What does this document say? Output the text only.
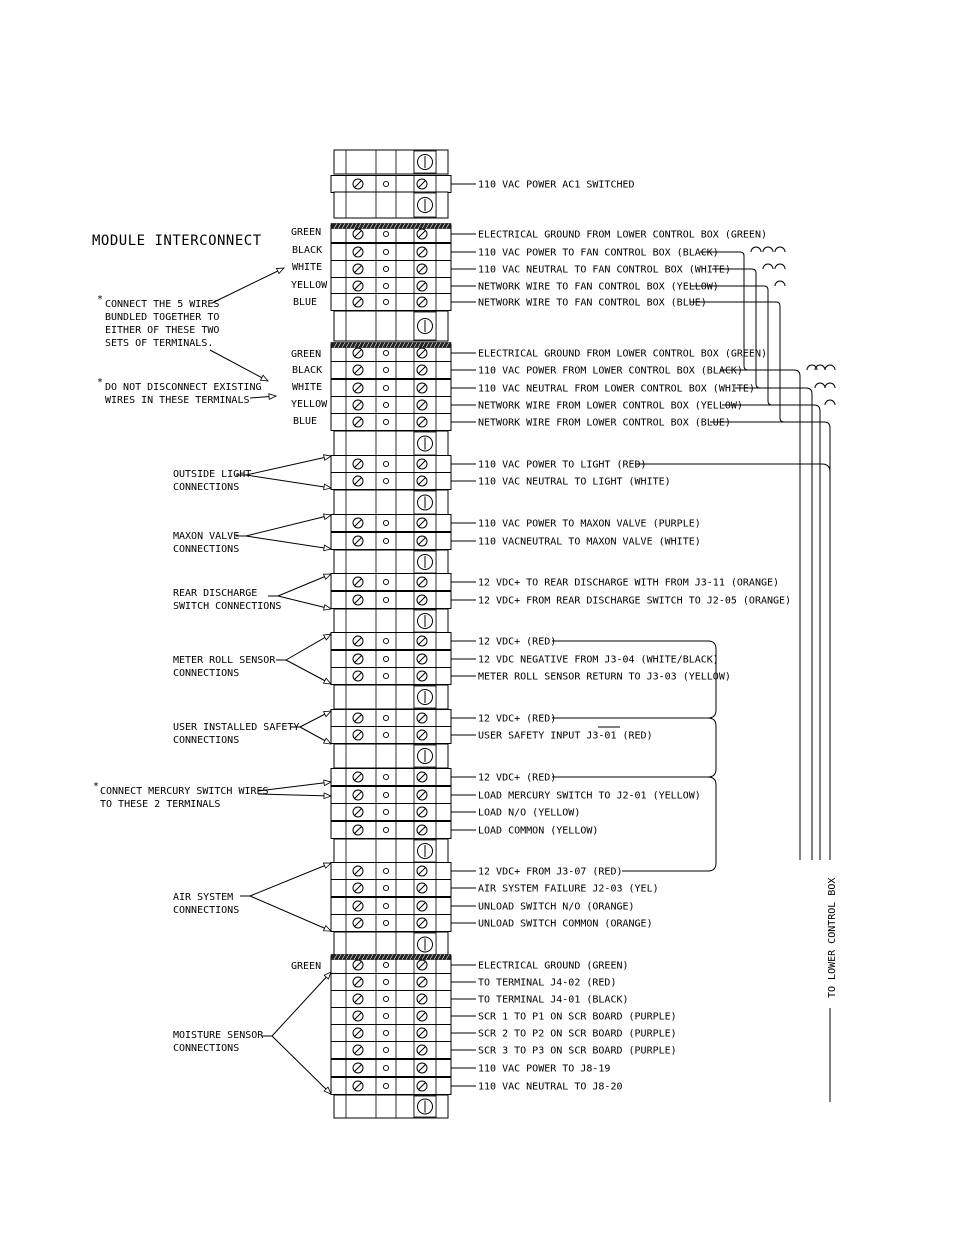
MODULE INTERCONNECT
* CONNECT THE 5 WIRES
BUNDLED TOGETHER TO
EITHER OF THESE TWO
SETS OF TERMINALS.
* DO NOT DISCONNECT EXISTING
WIRES IN THESE TERMINALS
GREEN
BLACK
WHITE
YELLOW
BLUE
GREEN
BLACK
WHITE
YELLOW
BLUE
GREEN
OUTSIDE LIGHT
CONNECTIONS
MAXON VALVE
CONNECTIONS
REAR DISCHARGE
SWITCH CONNECTIONS
METER ROLL SENSOR
CONNECTIONS
USER INSTALLED SAFETY
CONNECTIONS
* CONNECT MERCURY SWITCH WIRES
TO THESE 2 TERMINALS
AIR SYSTEM
CONNECTIONS
MOISTURE SENSOR
CONNECTIONS
TO LOWER CONTROL BOX
110 VAC POWER AC1 SWITCHED
ELECTRICAL GROUND FROM LOWER CONTROL BOX (GREEN)
110 VAC POWER TO FAN CONTROL BOX (BLACK)
110 VAC NEUTRAL TO FAN CONTROL BOX (WHITE)
NETWORK WIRE TO FAN CONTROL BOX (YELLOW)
NETWORK WIRE TO FAN CONTROL BOX (BLUE)
ELECTRICAL GROUND FROM LOWER CONTROL BOX (GREEN)
110 VAC POWER FROM LOWER CONTROL BOX (BLACK)
110 VAC NEUTRAL FROM LOWER CONTROL BOX (WHITE)
NETWORK WIRE FROM LOWER CONTROL BOX (YELLOW)
NETWORK WIRE FROM LOWER CONTROL BOX (BLUE)
110 VAC POWER TO LIGHT (RED)
110 VAC NEUTRAL TO LIGHT (WHITE)
110 VAC POWER TO MAXON VALVE (PURPLE)
110 VACNEUTRAL TO MAXON VALVE (WHITE)
12 VDC+ TO REAR DISCHARGE WITH FROM J3-11 (ORANGE)
12 VDC+ FROM REAR DISCHARGE SWITCH TO J2-05 (ORANGE)
12 VDC+ (RED)
12 VDC NEGATIVE FROM J3-04 (WHITE/BLACK)
METER ROLL SENSOR RETURN TO J3-03 (YELLOW)
12 VDC+ (RED)
USER SAFETY INPUT J3-01 (RED)
12 VDC+ (RED)
LOAD MERCURY SWITCH TO J2-01 (YELLOW)
LOAD N/O (YELLOW)
LOAD COMMON (YELLOW)
12 VDC+ FROM J3-07 (RED)
AIR SYSTEM FAILURE J2-03 (YEL)
UNLOAD SWITCH N/O (ORANGE)
UNLOAD SWITCH COMMON (ORANGE)
ELECTRICAL GROUND (GREEN)
TO TERMINAL J4-02 (RED)
TO TERMINAL J4-01 (BLACK)
SCR 1 TO P1 ON SCR BOARD (PURPLE)
SCR 2 TO P2 ON SCR BOARD (PURPLE)
SCR 3 TO P3 ON SCR BOARD (PURPLE)
110 VAC POWER TO J8-19
110 VAC NEUTRAL TO J8-20
